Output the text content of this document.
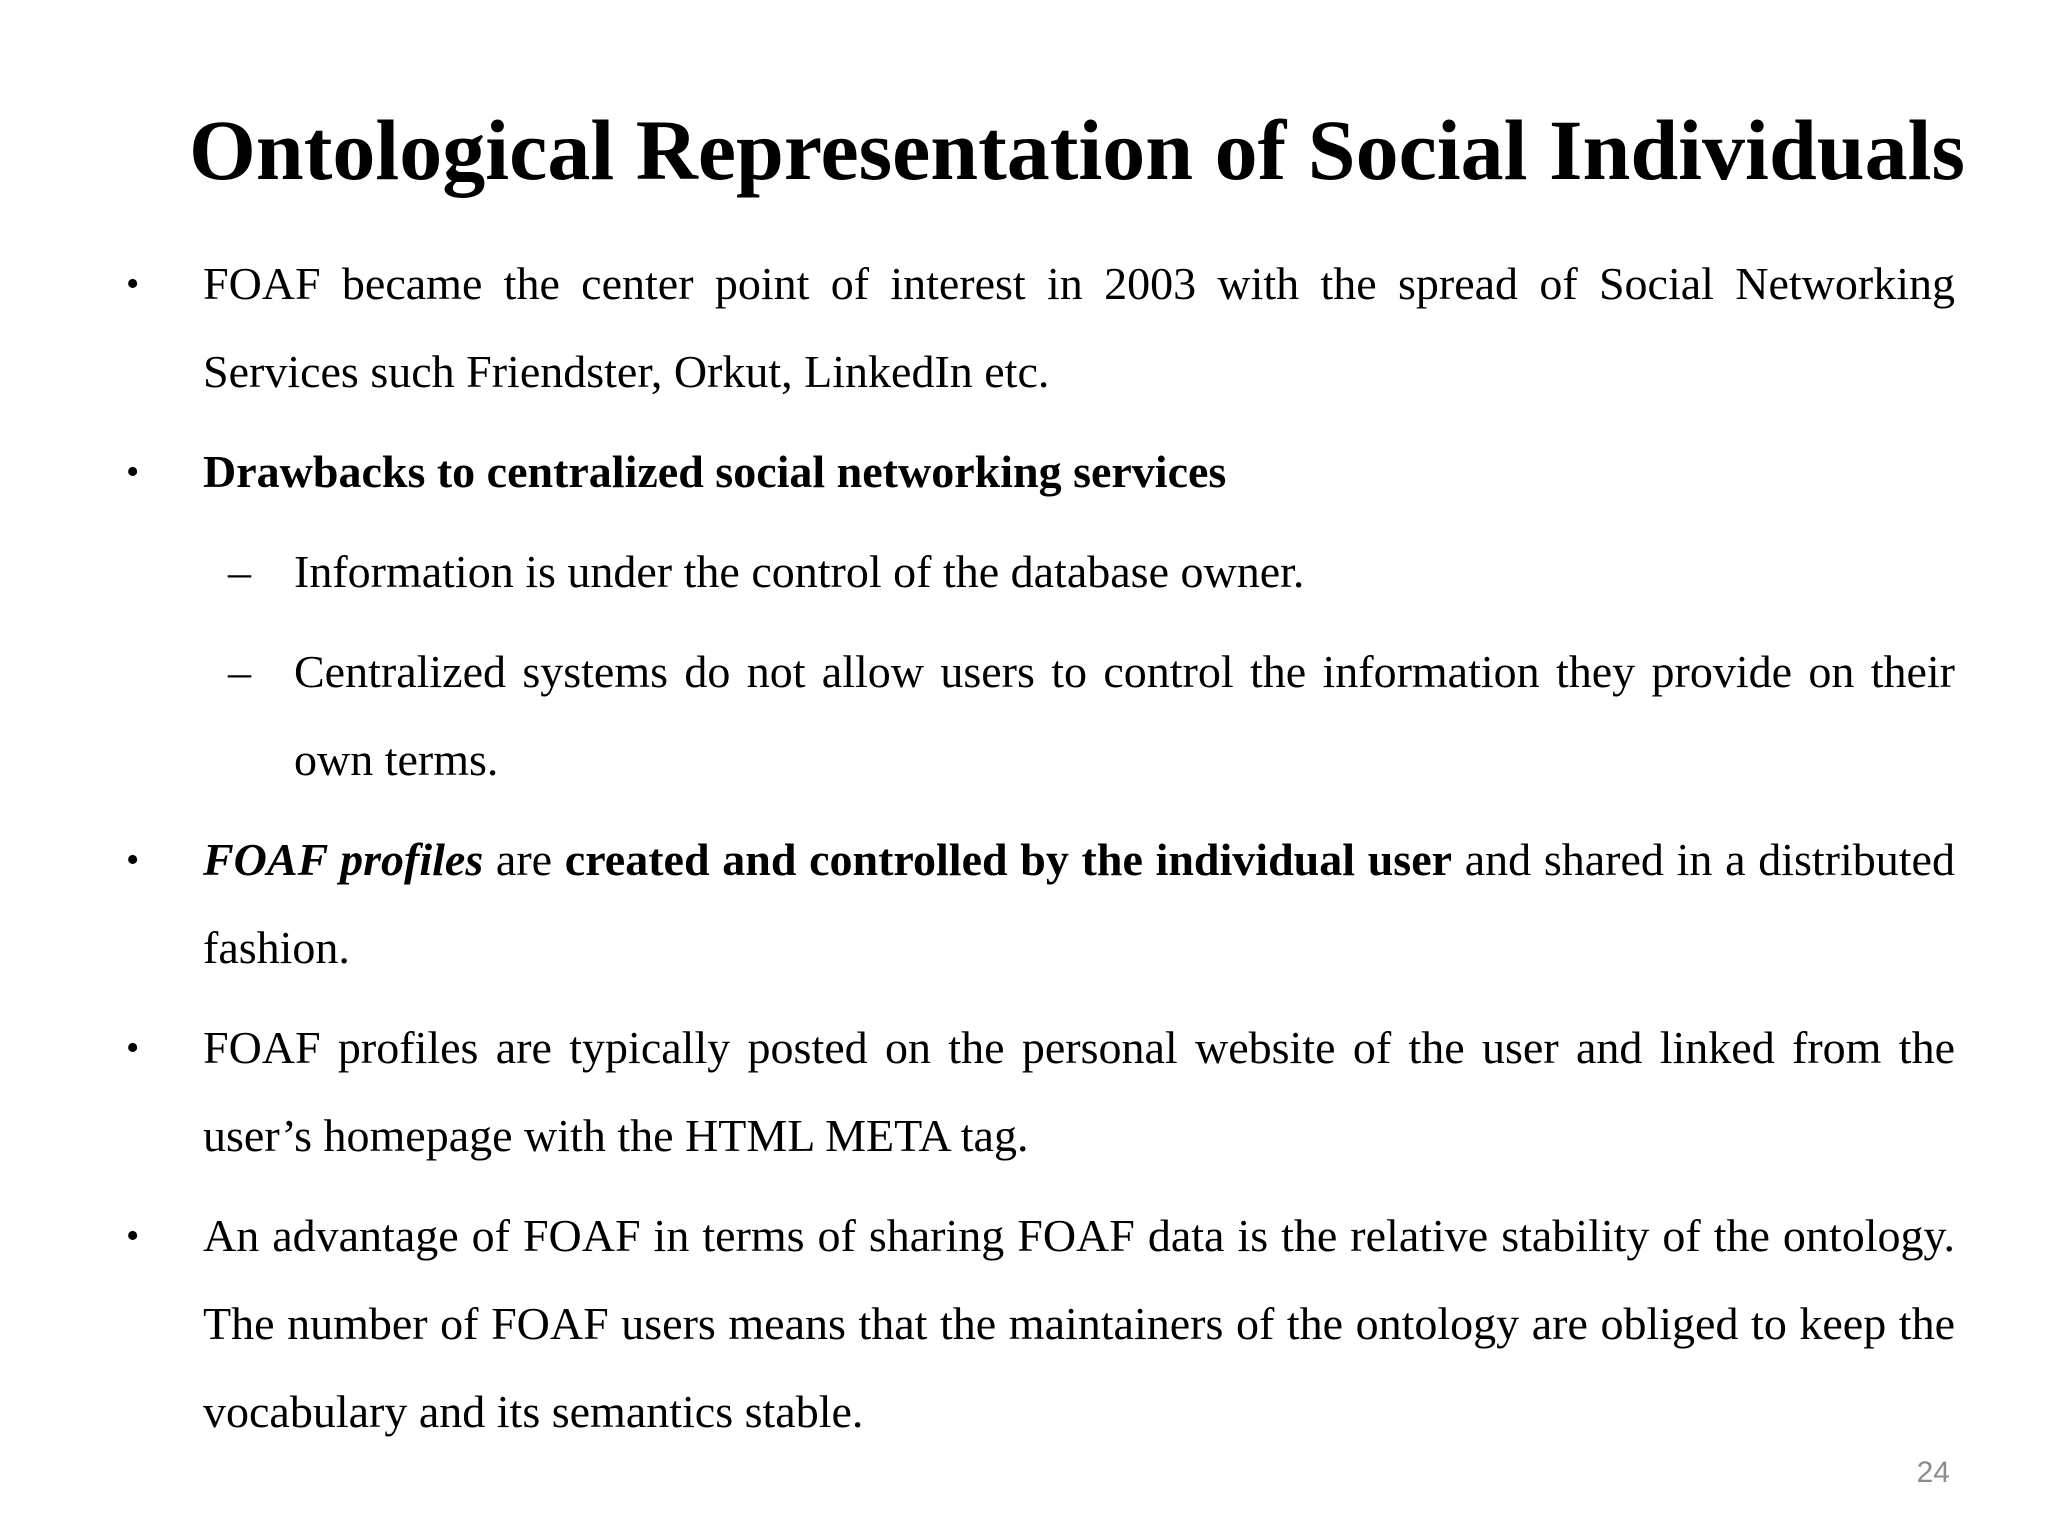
Ontological Representation of Social Individuals
• FOAF became the center point of interest in 2003 with the spread of Social Networking Services such Friendster, Orkut, LinkedIn etc.
• Drawbacks to centralized social networking services
– Information is under the control of the database owner.
– Centralized systems do not allow users to control the information they provide on their own terms.
• FOAF profiles are created and controlled by the individual user and shared in a distributed fashion.
• FOAF profiles are typically posted on the personal website of the user and linked from the user’s homepage with the HTML META tag.
• An advantage of FOAF in terms of sharing FOAF data is the relative stability of the ontology. The number of FOAF users means that the maintainers of the ontology are obliged to keep the vocabulary and its semantics stable.
24
